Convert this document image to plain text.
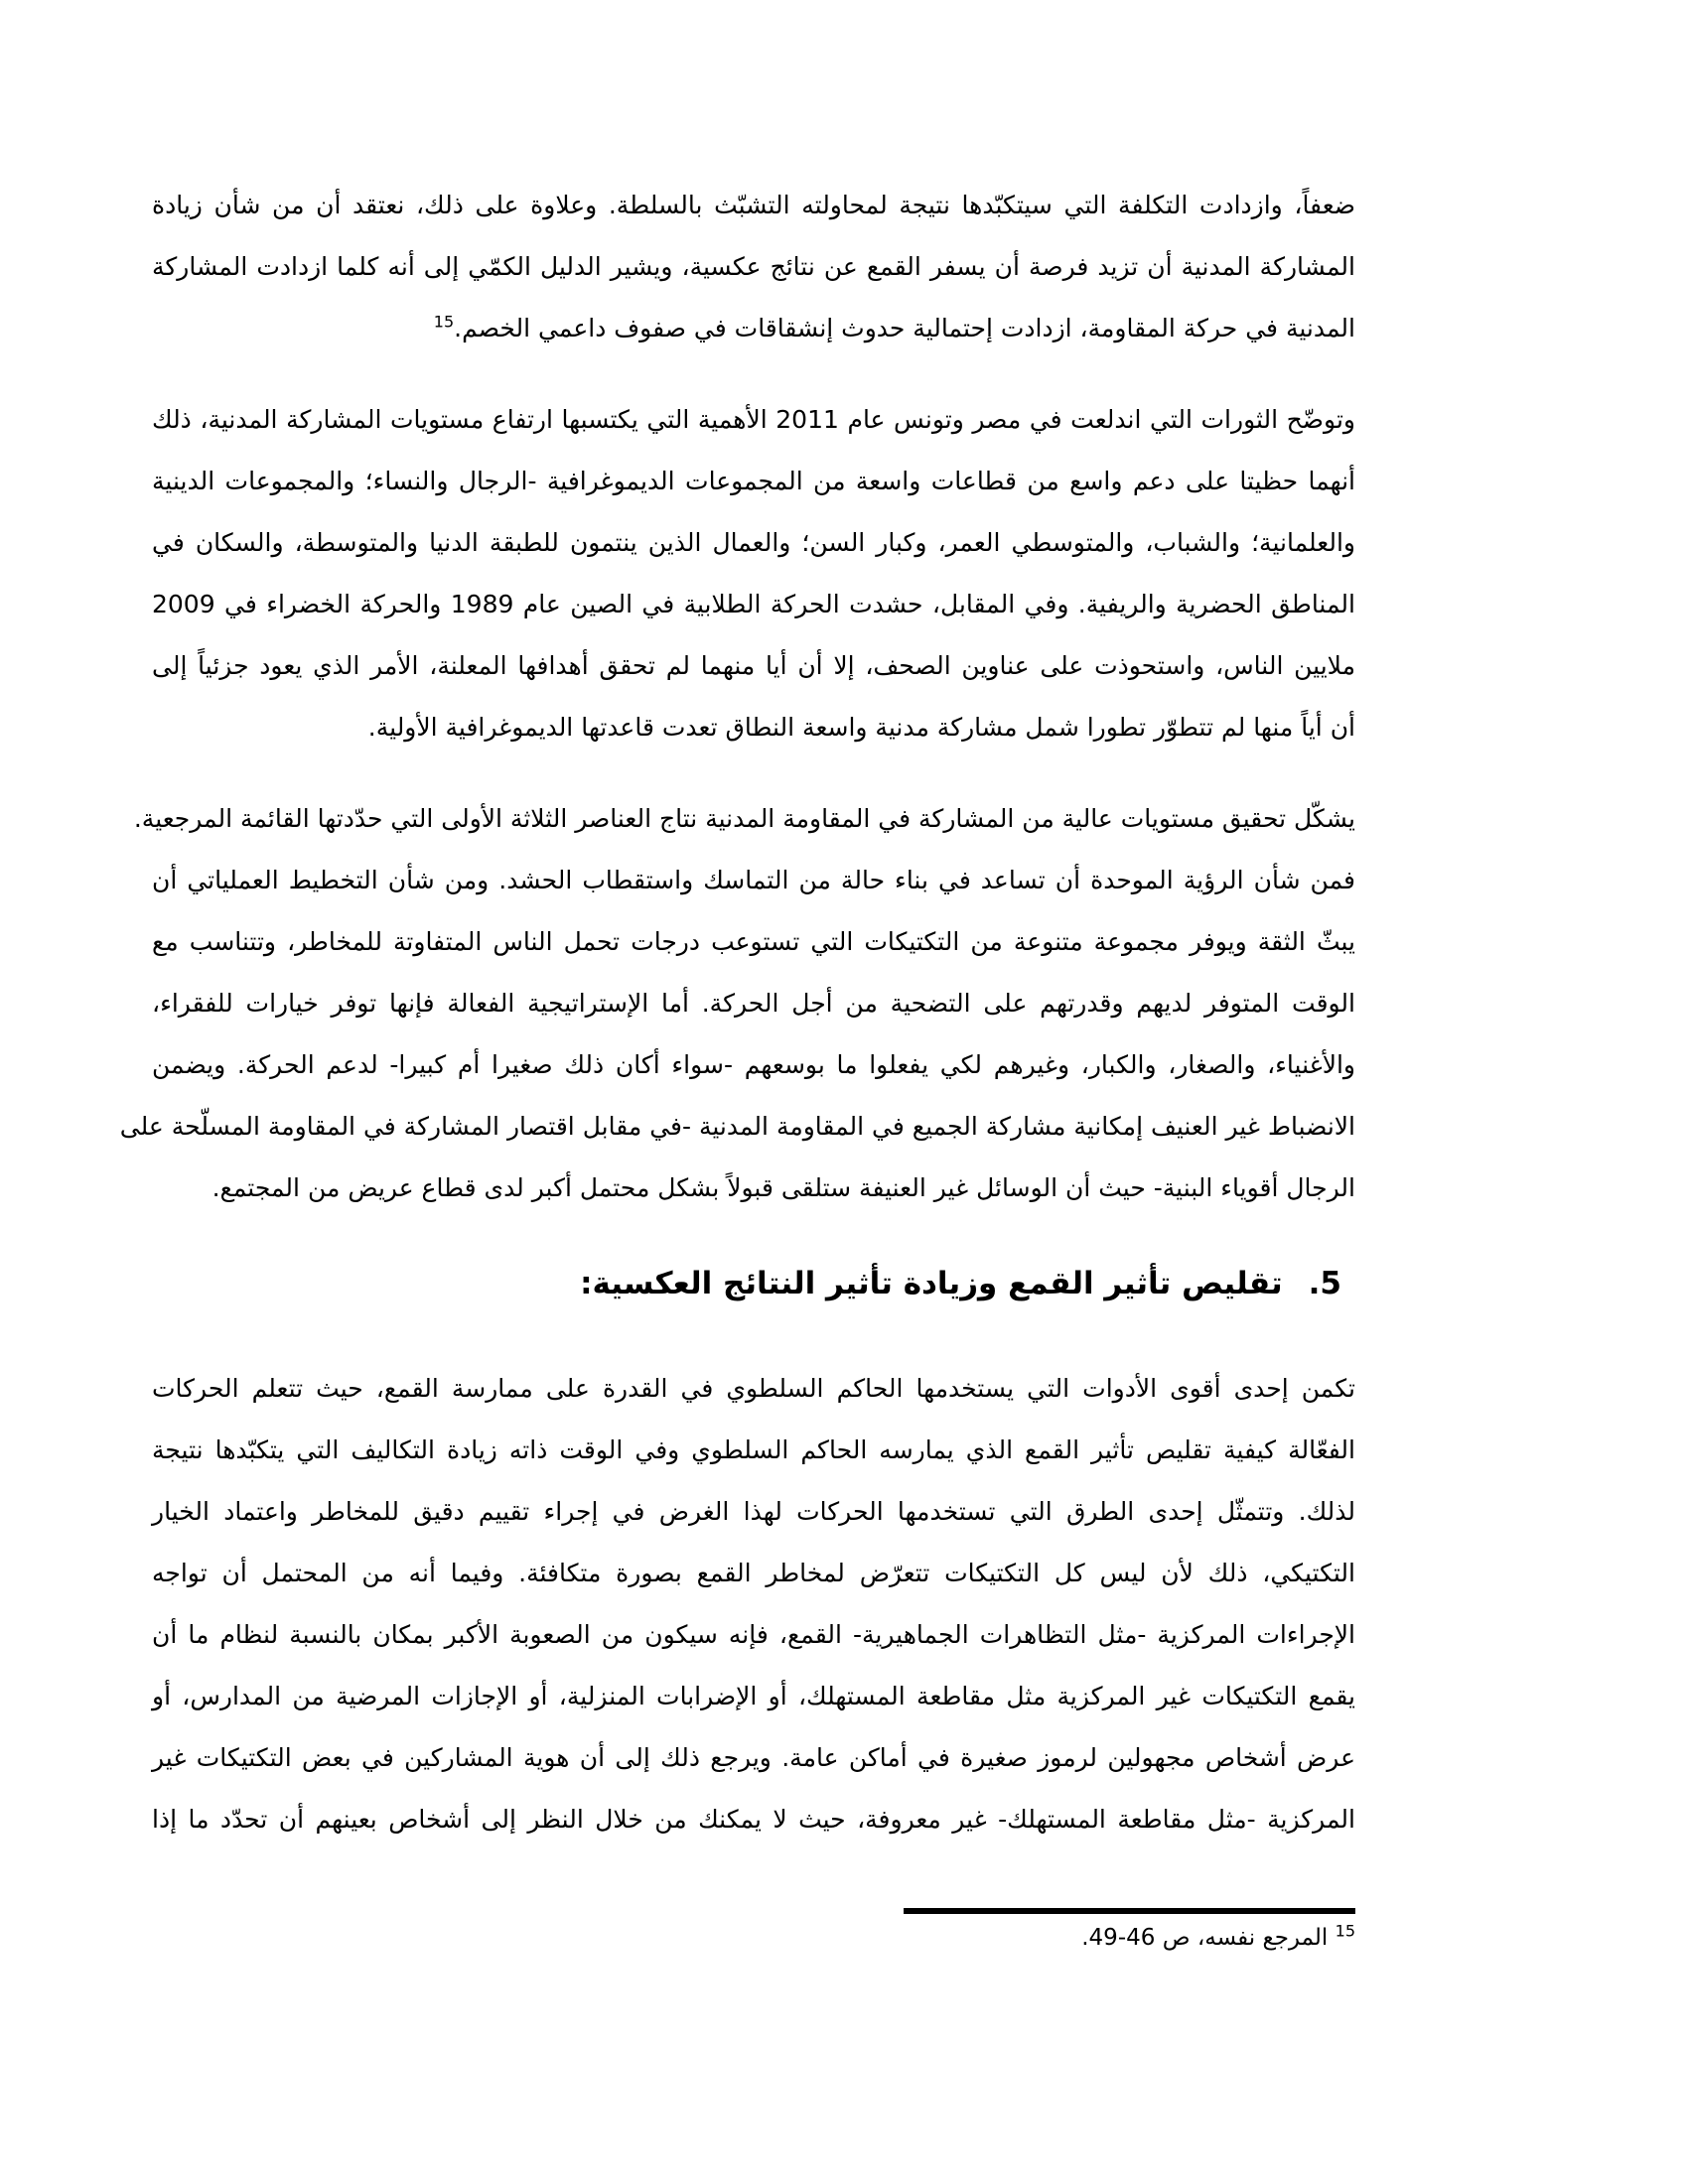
ضعفاً، وازدادت التكلفة التي سيتكبّدها نتيجة لمحاولته التشبّث بالسلطة. وعلاوة على ذلك، نعتقد أن من شأن زيادة
المشاركة المدنية أن تزيد فرصة أن يسفر القمع عن نتائج عكسية، ويشير الدليل الكمّي إلى أنه كلما ازدادت المشاركة
المدنية في حركة المقاومة، ازدادت إحتمالية حدوث إنشقاقات في صفوف داعمي الخصم.$^{15}$
وتوضّح الثورات التي اندلعت في مصر وتونس عام 2011 الأهمية التي يكتسبها ارتفاع مستويات المشاركة المدنية، ذلك
أنهما حظيتا على دعم واسع من قطاعات واسعة من المجموعات الديموغرافية -الرجال والنساء؛ والمجموعات الدينية
والعلمانية؛ والشباب، والمتوسطي العمر، وكبار السن؛ والعمال الذين ينتمون للطبقة الدنيا والمتوسطة، والسكان في
المناطق الحضرية والريفية. وفي المقابل، حشدت الحركة الطلابية في الصين عام 1989 والحركة الخضراء في 2009
ملايين الناس، واستحوذت على عناوين الصحف، إلا أن أيا منهما لم تحقق أهدافها المعلنة، الأمر الذي يعود جزئياً إلى
أن أياً منها لم تتطوّر تطورا شمل مشاركة مدنية واسعة النطاق تعدت قاعدتها الديموغرافية الأولية.
يشكّل تحقيق مستويات عالية من المشاركة في المقاومة المدنية نتاج العناصر الثلاثة الأولى التي حدّدتها القائمة المرجعية.
فمن شأن الرؤية الموحدة أن تساعد في بناء حالة من التماسك واستقطاب الحشد. ومن شأن التخطيط العملياتي أن
يبثّ الثقة ويوفر مجموعة متنوعة من التكتيكات التي تستوعب درجات تحمل الناس المتفاوتة للمخاطر، وتتناسب مع
الوقت المتوفر لديهم وقدرتهم على التضحية من أجل الحركة. أما الإستراتيجية الفعالة فإنها توفر خيارات للفقراء،
والأغنياء، والصغار، والكبار، وغيرهم لكي يفعلوا ما بوسعهم -سواء أكان ذلك صغيرا أم كبيرا- لدعم الحركة. ويضمن
الانضباط غير العنيف إمكانية مشاركة الجميع في المقاومة المدنية -في مقابل اقتصار المشاركة في المقاومة المسلّحة على
الرجال أقوياء البنية- حيث أن الوسائل غير العنيفة ستلقى قبولاً بشكل محتمل أكبر لدى قطاع عريض من المجتمع.
5.تقليص تأثير القمع وزيادة تأثير النتائج العكسية:
تكمن إحدى أقوى الأدوات التي يستخدمها الحاكم السلطوي في القدرة على ممارسة القمع، حيث تتعلم الحركات
الفعّالة كيفية تقليص تأثير القمع الذي يمارسه الحاكم السلطوي وفي الوقت ذاته زيادة التكاليف التي يتكبّدها نتيجة
لذلك. وتتمثّل إحدى الطرق التي تستخدمها الحركات لهذا الغرض في إجراء تقييم دقيق للمخاطر واعتماد الخيار
التكتيكي، ذلك لأن ليس كل التكتيكات تتعرّض لمخاطر القمع بصورة متكافئة. وفيما أنه من المحتمل أن تواجه
الإجراءات المركزية -مثل التظاهرات الجماهيرية- القمع، فإنه سيكون من الصعوبة الأكبر بمكان بالنسبة لنظام ما أن
يقمع التكتيكات غير المركزية مثل مقاطعة المستهلك، أو الإضرابات المنزلية، أو الإجازات المرضية من المدارس، أو
عرض أشخاص مجهولين لرموز صغيرة في أماكن عامة. ويرجع ذلك إلى أن هوية المشاركين في بعض التكتيكات غير
المركزية -مثل مقاطعة المستهلك- غير معروفة، حيث لا يمكنك من خلال النظر إلى أشخاص بعينهم أن تحدّد ما إذا
$^{15}$ المرجع نفسه، ص 46‏-‏49.
